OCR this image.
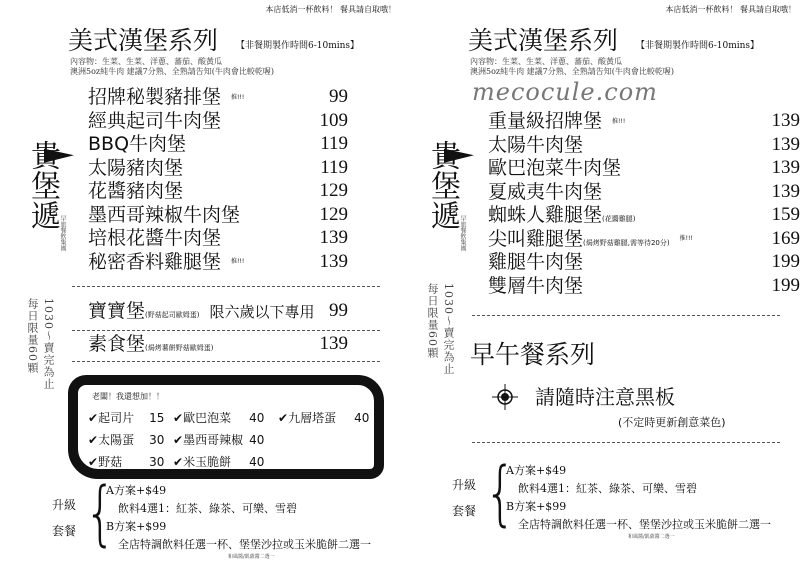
本店低消一杯飲料！ 餐具請自取哦！
美式漢堡系列 【非餐期製作時間6-10mins】
內容物：生菜、生菜、洋蔥、蕃茄、酸黃瓜
澳洲5oz純牛肉 建議7分熟、全熟請告知(牛肉會比較乾喔)
貴堡遞
早旅餐飲集團
1030～賣完為止
每日限量60顆
招牌秘製豬排堡 推!!!	99
經典起司牛肉堡	109
BBQ牛肉堡	119
太陽豬肉堡	119
花醬豬肉堡	129
墨西哥辣椒牛肉堡	129
培根花醬牛肉堡	139
秘密香料雞腿堡 推!!!	139
寶寶堡(野菇起司歐姆蛋) 限六歲以下專用 99
素食堡(焗烤薯餅野菇歐姆蛋)	139
老闆！我還想加！！
✔起司片 15 ✔歐巴泡菜 40 ✔九層塔蛋 40
✔太陽蛋 30 ✔墨西哥辣椒 40
✔野菇 30 ✔米玉脆餅 40
升級
套餐 {
A方案+$49
飲料4選1：紅茶、綠茶、可樂、雪碧
B方案+$99
全店特調飲料任選一杯、堡堡沙拉或玉米脆餅二選一
和風醬/凱薩醬二選一
本店低消一杯飲料！ 餐具請自取哦！
美式漢堡系列 【非餐期製作時間6-10mins】
內容物：生菜、生菜、洋蔥、蕃茄、酸黃瓜
澳洲5oz純牛肉 建議7分熟、全熟請告知(牛肉會比較乾喔)
貴堡遞
早旅餐飲集團
1030～賣完為止
每日限量60顆
重量級招牌堡 推!!!	139
太陽牛肉堡	139
歐巴泡菜牛肉堡	139
夏威夷牛肉堡	139
蜘蛛人雞腿堡(花醬雞腿)	159
尖叫雞腿堡(焗烤野菇雞腿,需等待20分) 推!!!	169
雞腿牛肉堡	199
雙層牛肉堡	199
mecocule.com
早午餐系列
請隨時注意黑板
(不定時更新創意菜色)
升級
套餐 {
A方案+$49
飲料4選1：紅茶、綠茶、可樂、雪碧
B方案+$99
全店特調飲料任選一杯、堡堡沙拉或玉米脆餅二選一
和風醬/凱薩醬二選一
